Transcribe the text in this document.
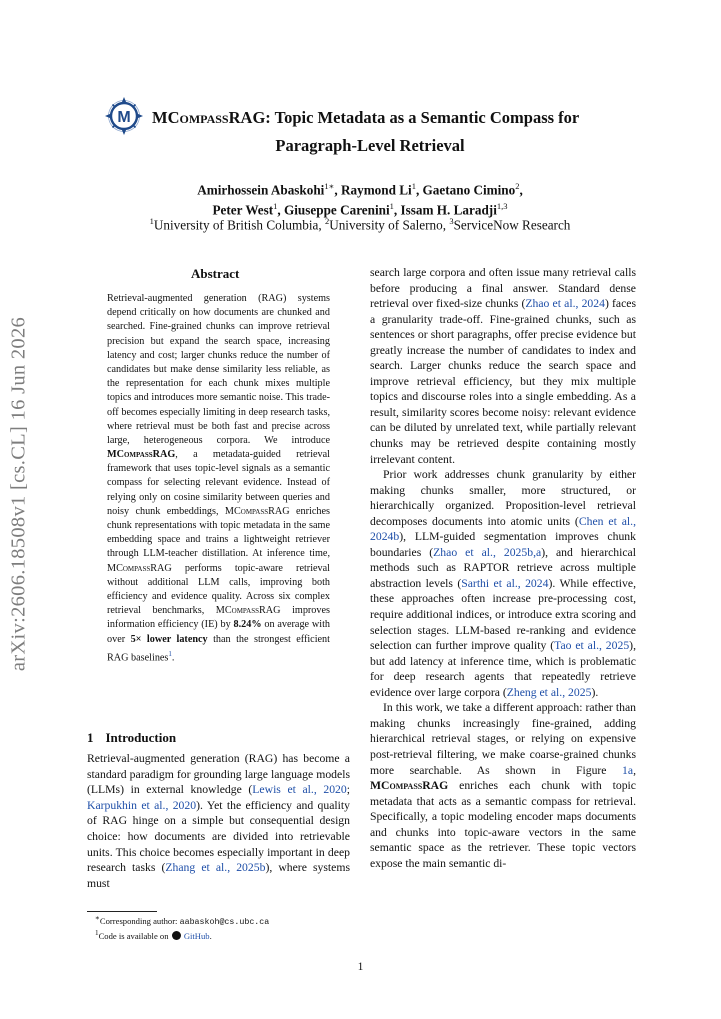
arXiv:2606.18508v1 [cs.CL] 16 Jun 2026
M MCompassRAG: Topic Metadata as a Semantic Compass for
Paragraph-Level Retrieval
Amirhossein Abaskohi$^{1∗}$, Raymond Li$^1$, Gaetano Cimino$^2$,
Peter West$^1$, Giuseppe Carenini$^1$, Issam H. Laradji$^{1,3}$
$^1$University of British Columbia, $^2$University of Salerno, $^3$ServiceNow Research
Abstract
Retrieval-augmented generation (RAG) systems depend critically on how documents are chunked and searched. Fine-grained chunks can improve retrieval precision but expand the search space, increasing latency and cost; larger chunks reduce the number of candidates but make dense similarity less reliable, as the representation for each chunk mixes multiple topics and introduces more semantic noise. This trade-off becomes especially limiting in deep research tasks, where retrieval must be both fast and precise across large, heterogeneous corpora. We introduce MCompassRAG, a metadata-guided retrieval framework that uses topic-level signals as a semantic compass for selecting relevant evidence. Instead of relying only on cosine similarity between queries and noisy chunk embeddings, MCompassRAG enriches chunk representations with topic metadata in the same embedding space and trains a lightweight retriever through LLM-teacher distillation. At inference time, MCompassRAG performs topic-aware retrieval without additional LLM calls, improving both efficiency and evidence quality. Across six complex retrieval benchmarks, MCompassRAG improves information efficiency (IE) by 8.24% on average with over 5× lower latency than the strongest efficient RAG baselines$^1$.
1 Introduction
Retrieval-augmented generation (RAG) has become a standard paradigm for grounding large language models (LLMs) in external knowledge (Lewis et al., 2020; Karpukhin et al., 2020). Yet the efficiency and quality of RAG hinge on a simple but consequential design choice: how documents are divided into retrievable units. This choice becomes especially important in deep research tasks (Zhang et al., 2025b), where systems must
∗Corresponding author: aabaskoh@cs.ubc.ca
$^1$Code is available on  GitHub.

search large corpora and often issue many retrieval calls before producing a final answer. Standard dense retrieval over fixed-size chunks (Zhao et al., 2024) faces a granularity trade-off. Fine-grained chunks, such as sentences or short paragraphs, offer precise evidence but greatly increase the number of candidates to index and search. Larger chunks reduce the search space and improve retrieval efficiency, but they mix multiple topics and discourse roles into a single embedding. As a result, similarity scores become noisy: relevant evidence can be diluted by unrelated text, while partially relevant chunks may be retrieved despite containing mostly irrelevant content.

Prior work addresses chunk granularity by either making chunks smaller, more structured, or hierarchically organized. Proposition-level retrieval decomposes documents into atomic units (Chen et al., 2024b), LLM-guided segmentation improves chunk boundaries (Zhao et al., 2025b,a), and hierarchical methods such as RAPTOR retrieve across multiple abstraction levels (Sarthi et al., 2024). While effective, these approaches often increase pre-processing cost, require additional indices, or introduce extra scoring and selection stages. LLM-based re-ranking and evidence selection can further improve quality (Tao et al., 2025), but add latency at inference time, which is problematic for deep research agents that repeatedly retrieve evidence over large corpora (Zheng et al., 2025).

In this work, we take a different approach: rather than making chunks increasingly fine-grained, adding hierarchical retrieval stages, or relying on expensive post-retrieval filtering, we make coarse-grained chunks more searchable. As shown in Figure 1a, MCompassRAG enriches each chunk with topic metadata that acts as a semantic compass for retrieval. Specifically, a topic modeling encoder maps documents and chunks into topic-aware vectors in the same semantic space as the retriever. These topic vectors expose the main semantic di-

1
